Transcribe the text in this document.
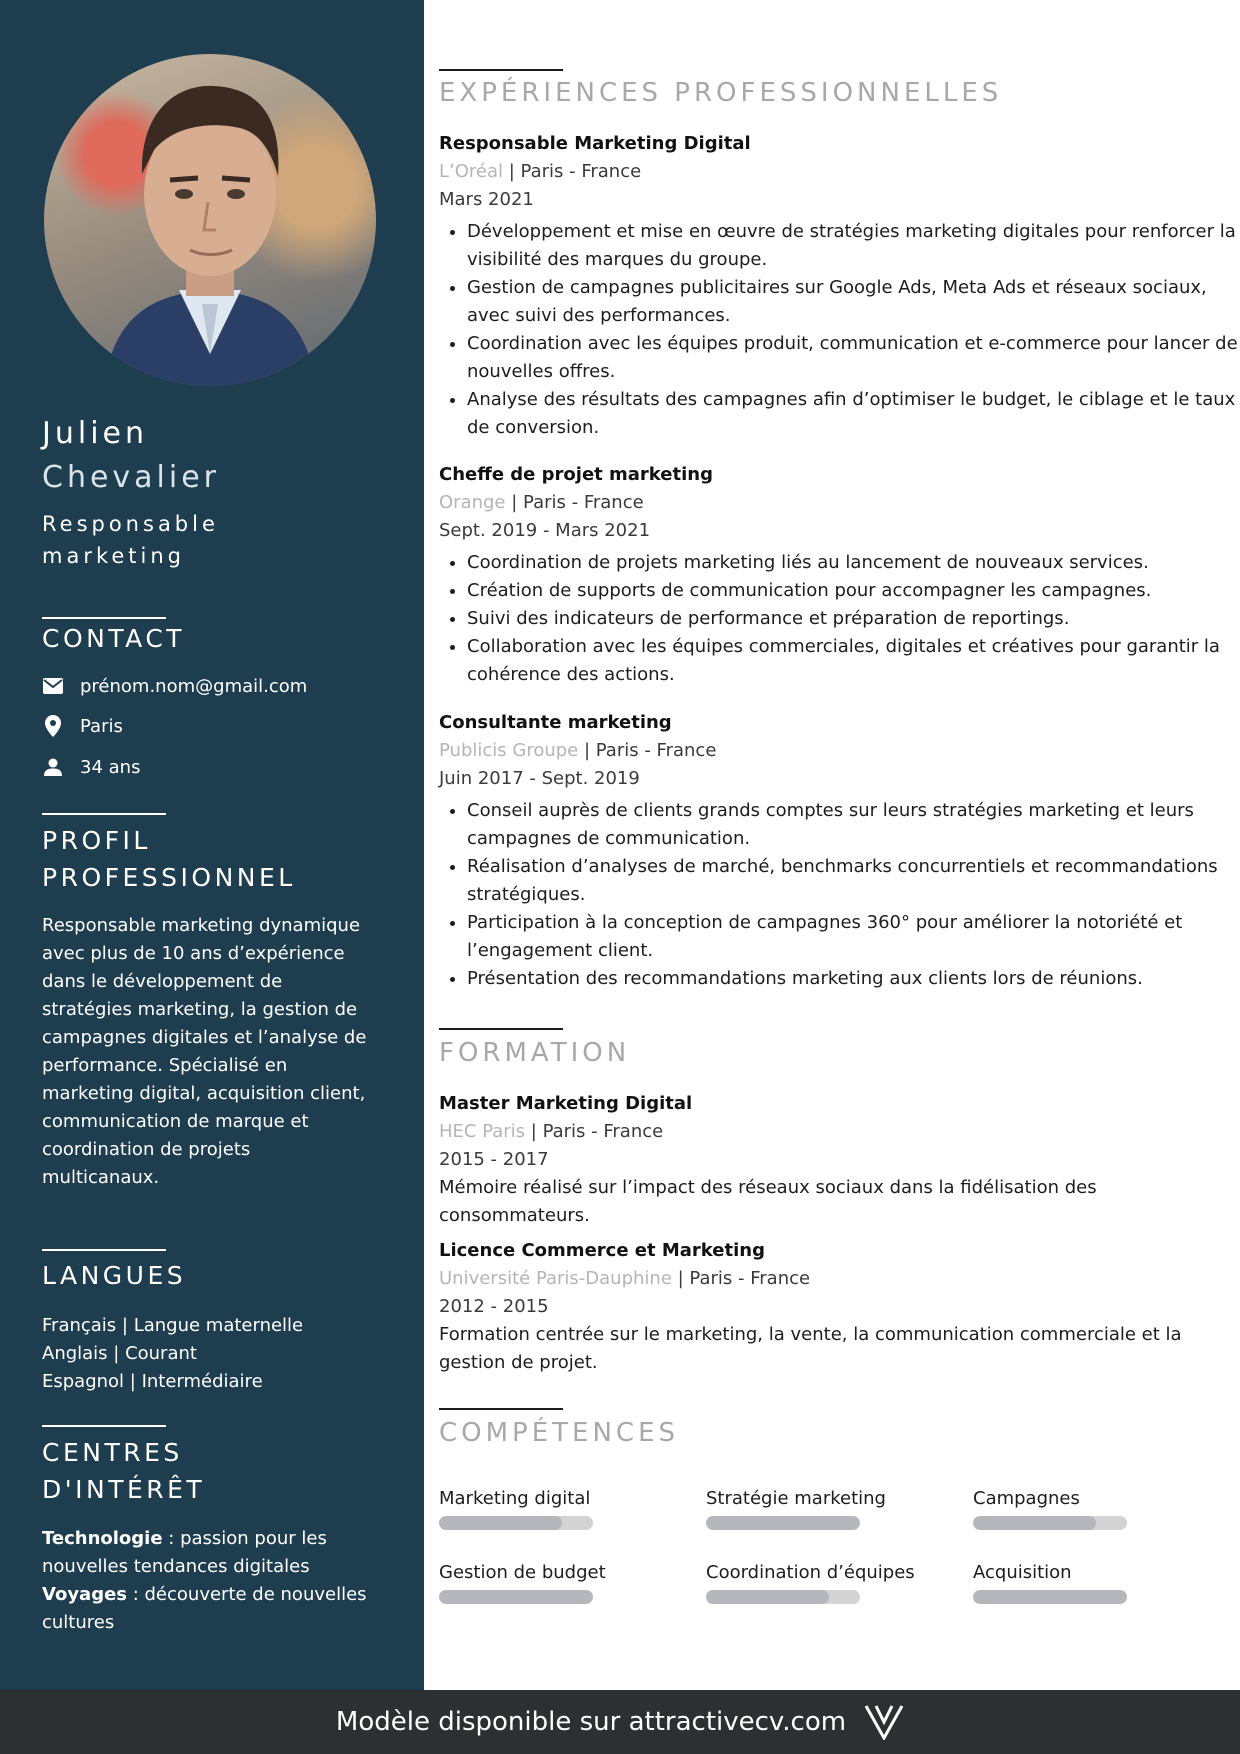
Julien
Chevalier
Responsable marketing
CONTACT
prénom.nom@gmail.com
Paris
34 ans
PROFIL PROFESSIONNEL
Responsable marketing dynamique avec plus de 10 ans d’expérience dans le développement de stratégies marketing, la gestion de campagnes digitales et l’analyse de performance. Spécialisé en marketing digital, acquisition client, communication de marque et coordination de projets multicanaux.
LANGUES
Français | Langue maternelle
Anglais | Courant
Espagnol | Intermédiaire
CENTRES D'INTÉRÊT
Technologie : passion pour les nouvelles tendances digitales
Voyages : découverte de nouvelles cultures
EXPÉRIENCES PROFESSIONNELLES
Responsable Marketing Digital
L’Oréal | Paris - France
Mars 2021
• Développement et mise en œuvre de stratégies marketing digitales pour renforcer la visibilité des marques du groupe.
• Gestion de campagnes publicitaires sur Google Ads, Meta Ads et réseaux sociaux, avec suivi des performances.
• Coordination avec les équipes produit, communication et e-commerce pour lancer de nouvelles offres.
• Analyse des résultats des campagnes afin d’optimiser le budget, le ciblage et le taux de conversion.
Cheffe de projet marketing
Orange | Paris - France
Sept. 2019 - Mars 2021
• Coordination de projets marketing liés au lancement de nouveaux services.
• Création de supports de communication pour accompagner les campagnes.
• Suivi des indicateurs de performance et préparation de reportings.
• Collaboration avec les équipes commerciales, digitales et créatives pour garantir la cohérence des actions.
Consultante marketing
Publicis Groupe | Paris - France
Juin 2017 - Sept. 2019
• Conseil auprès de clients grands comptes sur leurs stratégies marketing et leurs campagnes de communication.
• Réalisation d’analyses de marché, benchmarks concurrentiels et recommandations stratégiques.
• Participation à la conception de campagnes 360° pour améliorer la notoriété et l’engagement client.
• Présentation des recommandations marketing aux clients lors de réunions.
FORMATION
Master Marketing Digital
HEC Paris | Paris - France
2015 - 2017

Mémoire réalisé sur l’impact des réseaux sociaux dans la fidélisation des consommateurs.

Licence Commerce et Marketing
Université Paris-Dauphine | Paris - France
2012 - 2015

Formation centrée sur le marketing, la vente, la communication commerciale et la gestion de projet.

COMPÉTENCES
Marketing digital	Stratégie marketing	Campagnes
Gestion de budget	Coordination d’équipes	Acquisition
Modèle disponible sur attractivecv.com
